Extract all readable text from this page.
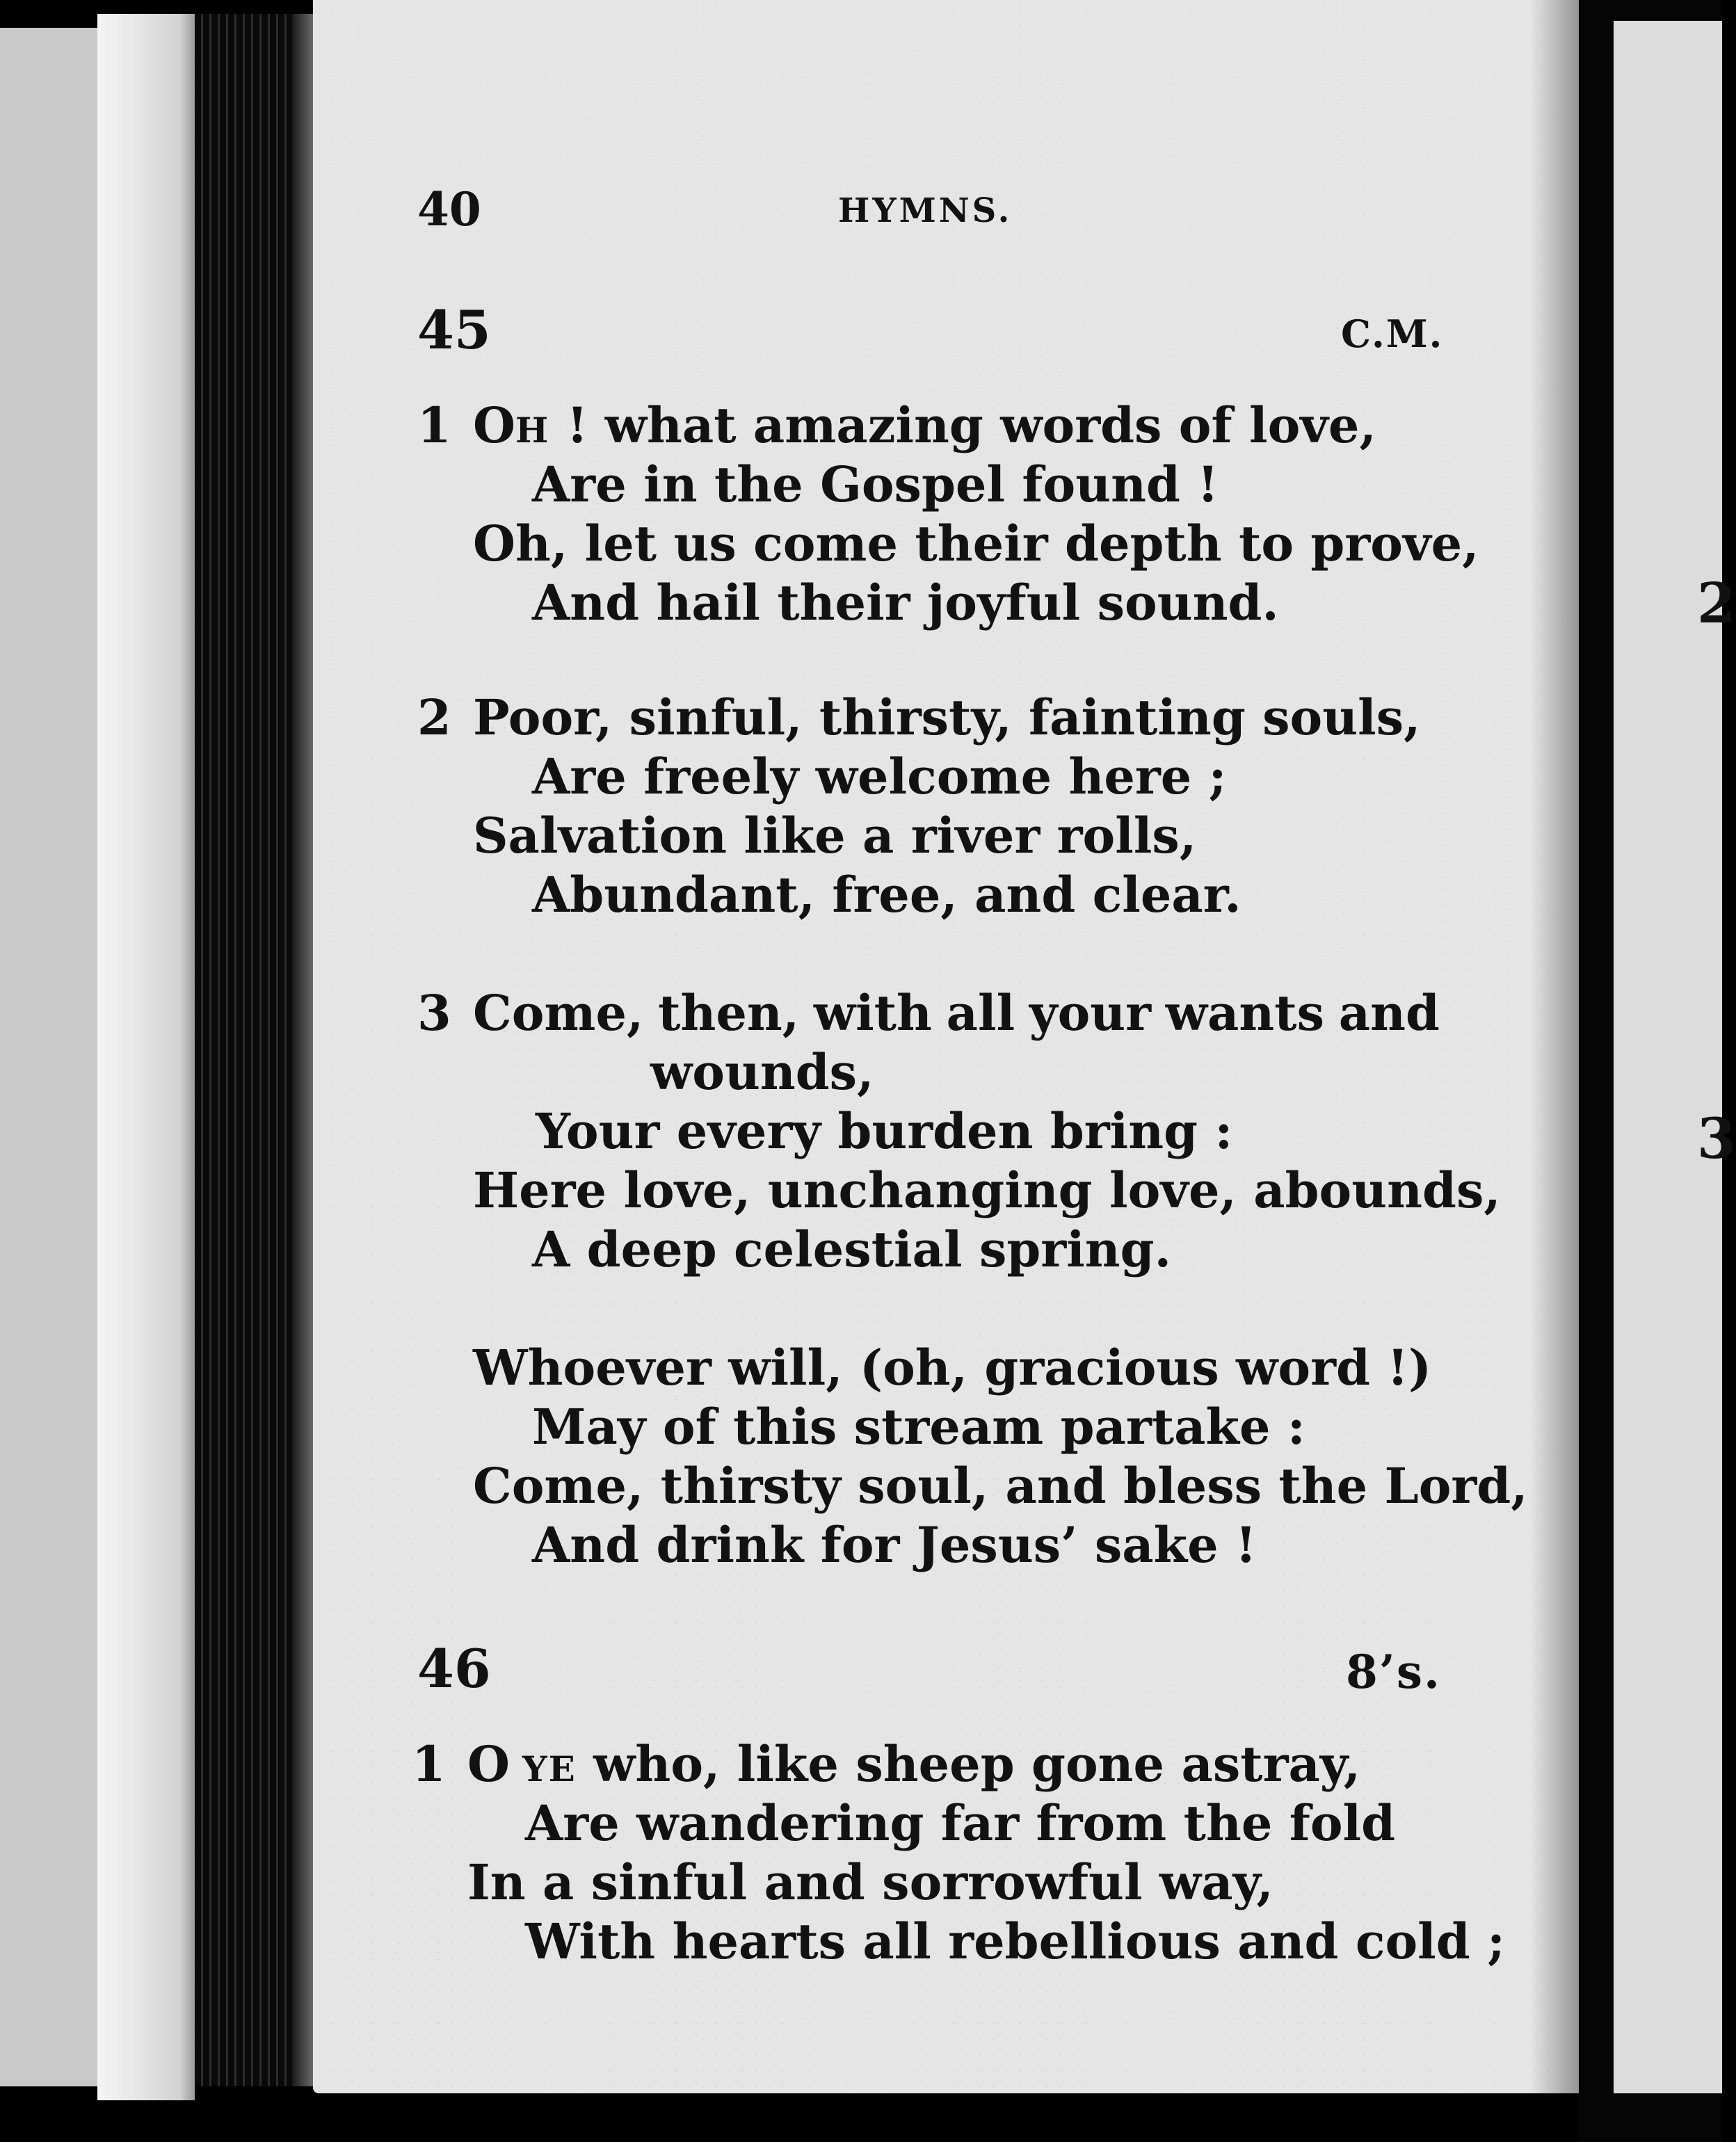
2
3
40	HYMNS.
45	C.M.
1 OH ! what amazing words of love,
Are in the Gospel found !
Oh, let us come their depth to prove,
And hail their joyful sound.
2 Poor, sinful, thirsty, fainting souls,
Are freely welcome here ;
Salvation like a river rolls,
Abundant, free, and clear.
3 Come, then, with all your wants and
wounds,
Your every burden bring :
Here love, unchanging love, abounds,
A deep celestial spring.
Whoever will, (oh, gracious word !)
May of this stream partake :
Come, thirsty soul, and bless the Lord,
And drink for Jesus’ sake !
46	8’s.
1 O YE who, like sheep gone astray,
Are wandering far from the fold
In a sinful and sorrowful way,
With hearts all rebellious and cold ;
